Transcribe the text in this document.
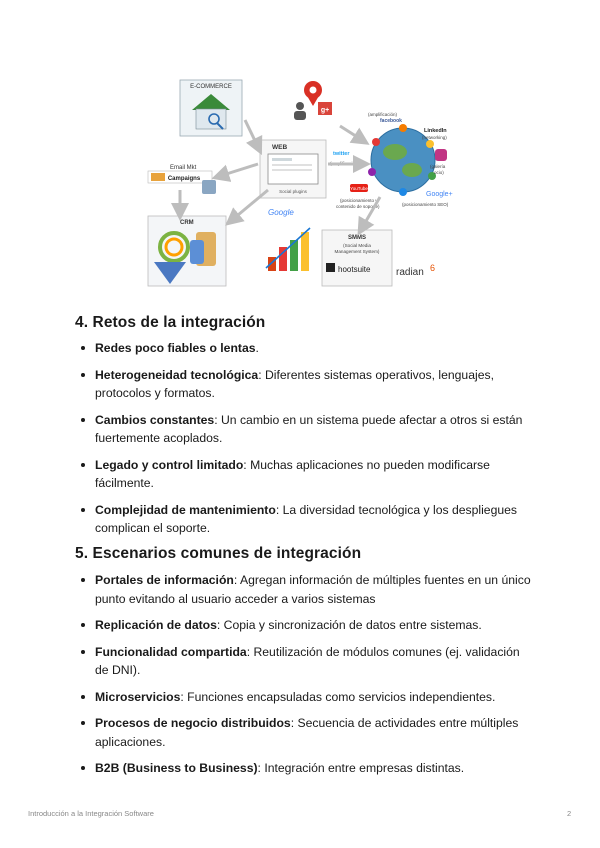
E-COMMERCE
g+
WEB
Social plugins
Email Mkt
Campaigns
CRM
Google
SMMS
(Social Media
Management System)
hootsuite	radian 6
(amplificación)
facebook
LinkedIn
(networking)
(galería
ocio)
twitter
(amplificación)
YouTube
(posicionamiento y
contenido de soporte)
Google+
(posicionamiento SEO)
4. Retos de la integración
Redes poco fiables o lentas.
Heterogeneidad tecnológica: Diferentes sistemas operativos, lenguajes, protocolos y formatos.
Cambios constantes: Un cambio en un sistema puede afectar a otros si están fuertemente acoplados.
Legado y control limitado: Muchas aplicaciones no pueden modificarse fácilmente.
Complejidad de mantenimiento: La diversidad tecnológica y los despliegues complican el soporte.
5. Escenarios comunes de integración
Portales de información: Agregan información de múltiples fuentes en un único punto evitando al usuario acceder a varios sistemas
Replicación de datos: Copia y sincronización de datos entre sistemas.
Funcionalidad compartida: Reutilización de módulos comunes (ej. validación de DNI).
Microservicios: Funciones encapsuladas como servicios independientes.
Procesos de negocio distribuidos: Secuencia de actividades entre múltiples aplicaciones.
B2B (Business to Business): Integración entre empresas distintas.
Introducción a la Integración Software	2
